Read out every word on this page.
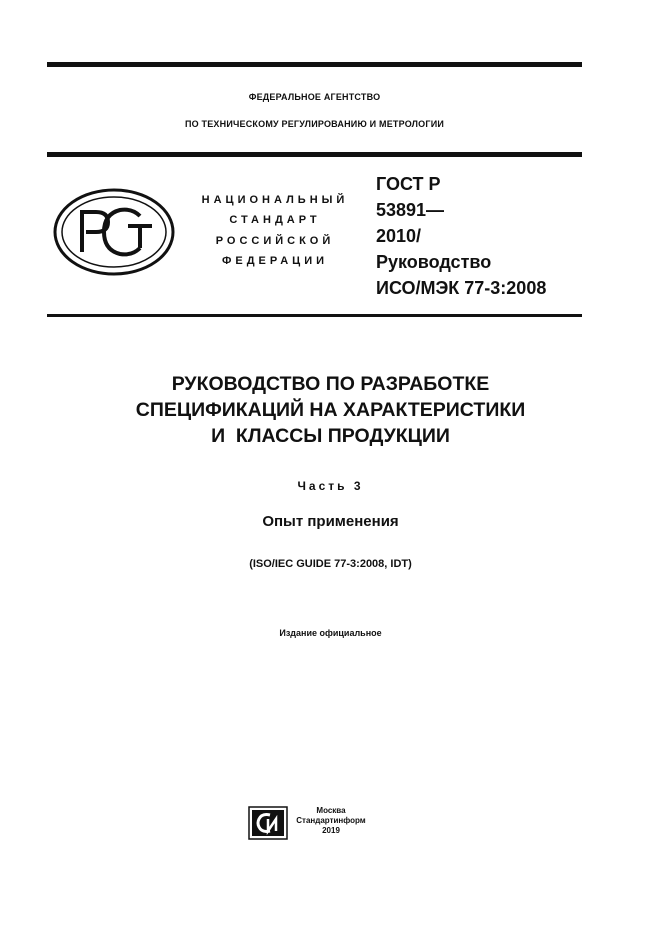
ФЕДЕРАЛЬНОЕ АГЕНТСТВО
ПО ТЕХНИЧЕСКОМУ РЕГУЛИРОВАНИЮ И МЕТРОЛОГИИ
НАЦИОНАЛЬНЫЙ
СТАНДАРТ
РОССИЙСКОЙ
ФЕДЕРАЦИИ
ГОСТ Р
53891—
2010/
Руководство
ИСО/МЭК 77-3:2008
РУКОВОДСТВО ПО РАЗРАБОТКЕ
СПЕЦИФИКАЦИЙ НА ХАРАКТЕРИСТИКИ
И  КЛАССЫ ПРОДУКЦИИ
Часть 3
Опыт применения
(ISO/IEC GUIDE 77-3:2008, IDT)
Издание официальное
Москва
Стандартинформ
2019
